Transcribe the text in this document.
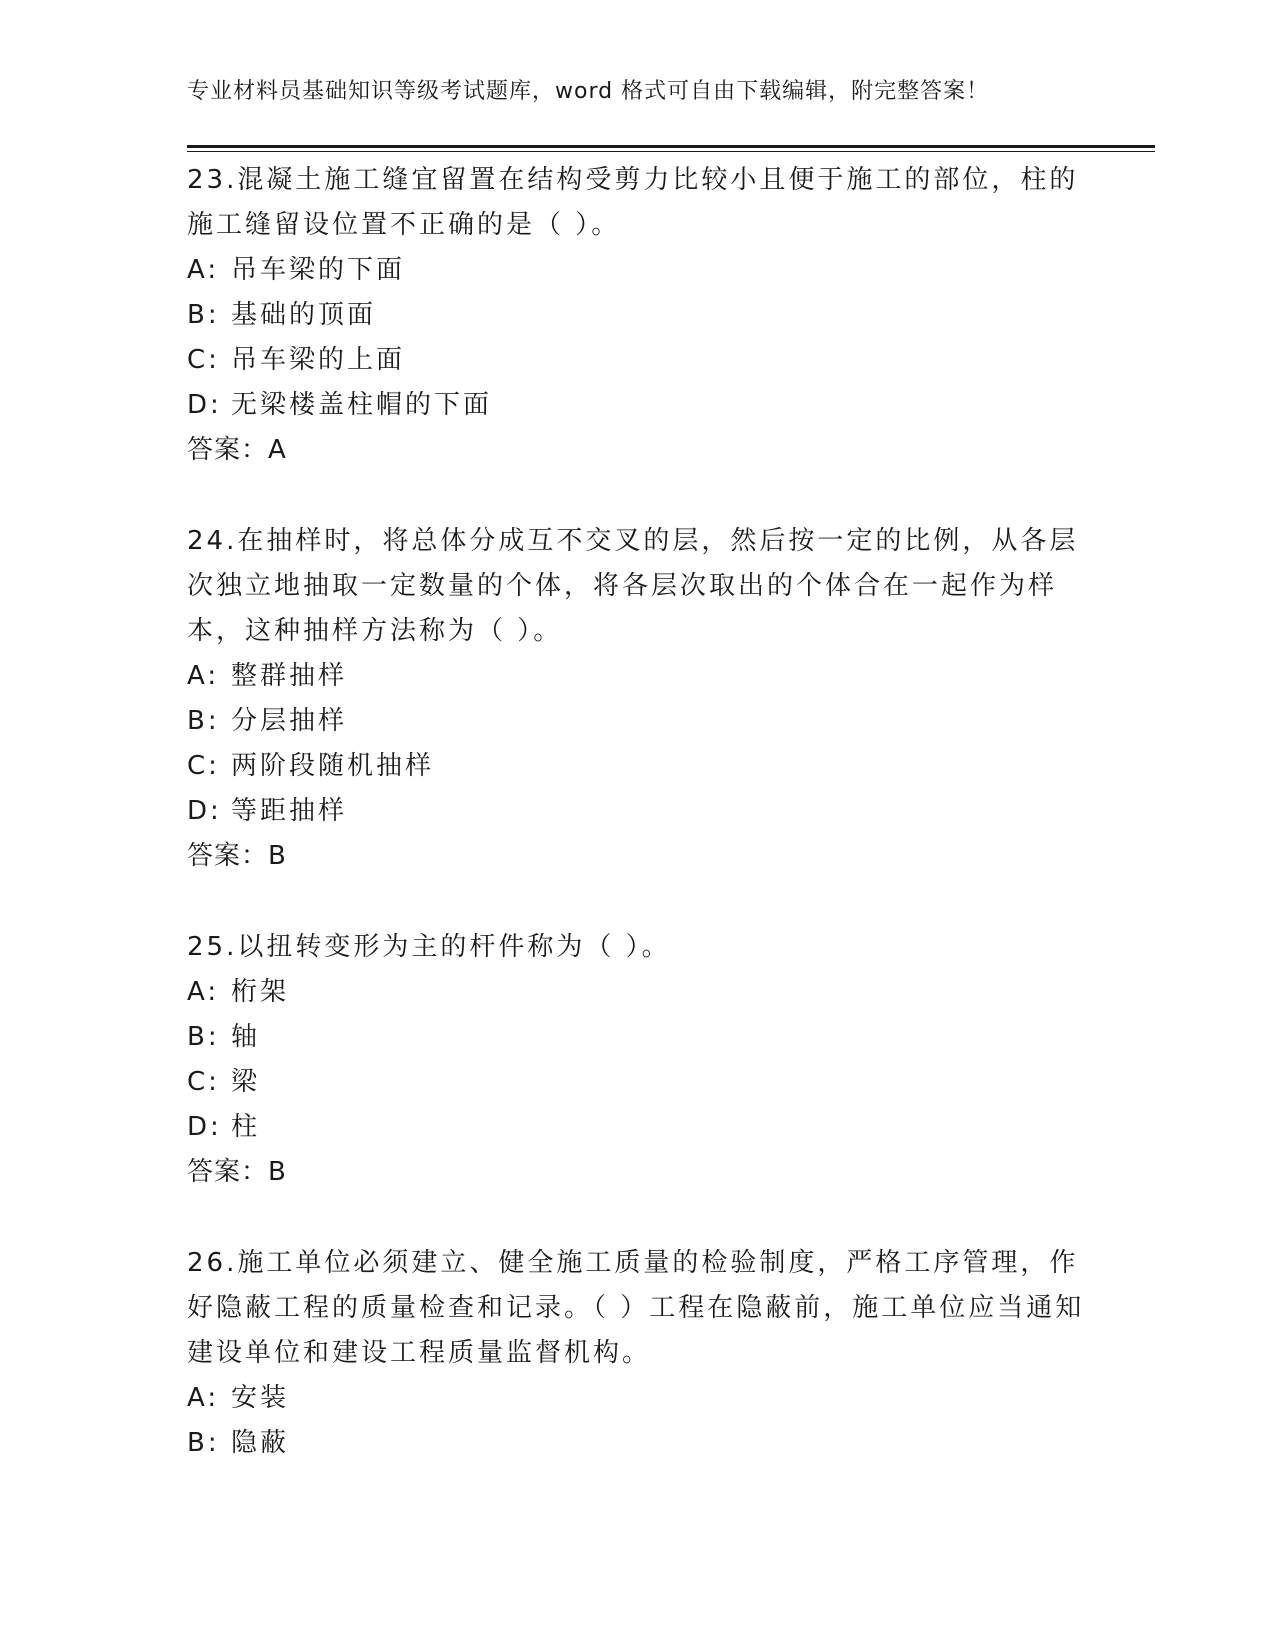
专业材料员基础知识等级考试题库，word 格式可自由下载编辑，附完整答案！

23.混凝土施工缝宜留置在结构受剪力比较小且便于施工的部位，柱的施工缝留设位置不正确的是（ ）。

A: 吊车梁的下面
B: 基础的顶面
C: 吊车梁的上面
D: 无梁楼盖柱帽的下面
答案：A

24.在抽样时，将总体分成互不交叉的层，然后按一定的比例，从各层次独立地抽取一定数量的个体，将各层次取出的个体合在一起作为样本，这种抽样方法称为（ ）。

A: 整群抽样
B: 分层抽样
C: 两阶段随机抽样
D: 等距抽样
答案：B

25.以扭转变形为主的杆件称为（ ）。

A: 桁架
B: 轴
C: 梁
D: 柱
答案：B

26.施工单位必须建立、健全施工质量的检验制度，严格工序管理，作好隐蔽工程的质量检查和记录。（ ）工程在隐蔽前，施工单位应当通知建设单位和建设工程质量监督机构。

A: 安装
B: 隐蔽
